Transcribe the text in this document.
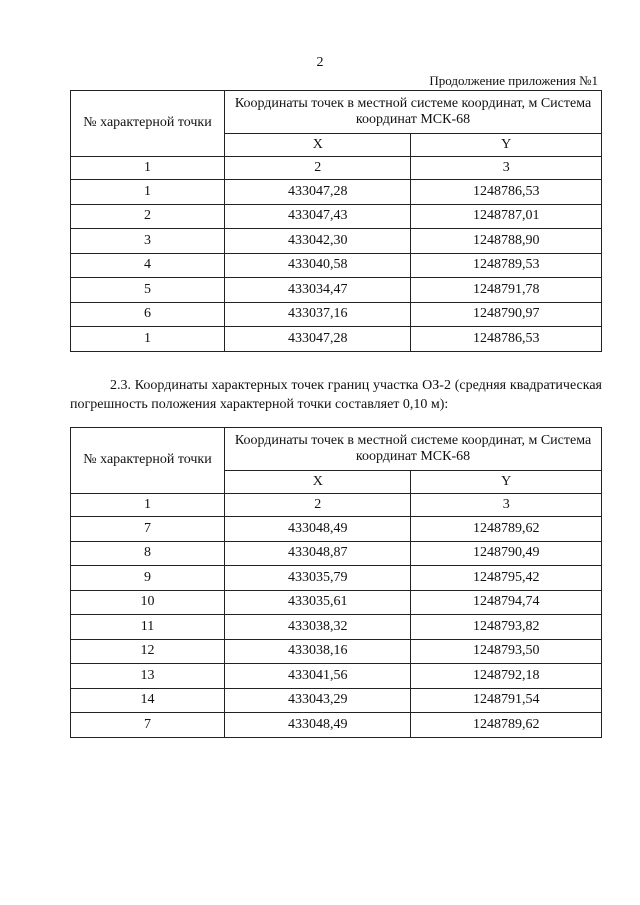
2
Продолжение приложения №1
№ характерной точки	Координаты точек в местной системе координат, м Система координат МСК-68	
	X	Y
1	2	3
1	433047,28	1248786,53
2	433047,43	1248787,01
3	433042,30	1248788,90
4	433040,58	1248789,53
5	433034,47	1248791,78
6	433037,16	1248790,97
1	433047,28	1248786,53
2.3. Координаты характерных точек границ участка ОЗ-2 (средняя квадратическая погрешность положения характерной точки составляет 0,10 м):
№ характерной точки	Координаты точек в местной системе координат, м Система координат МСК-68	
	X	Y
1	2	3
7	433048,49	1248789,62
8	433048,87	1248790,49
9	433035,79	1248795,42
10	433035,61	1248794,74
11	433038,32	1248793,82
12	433038,16	1248793,50
13	433041,56	1248792,18
14	433043,29	1248791,54
7	433048,49	1248789,62
